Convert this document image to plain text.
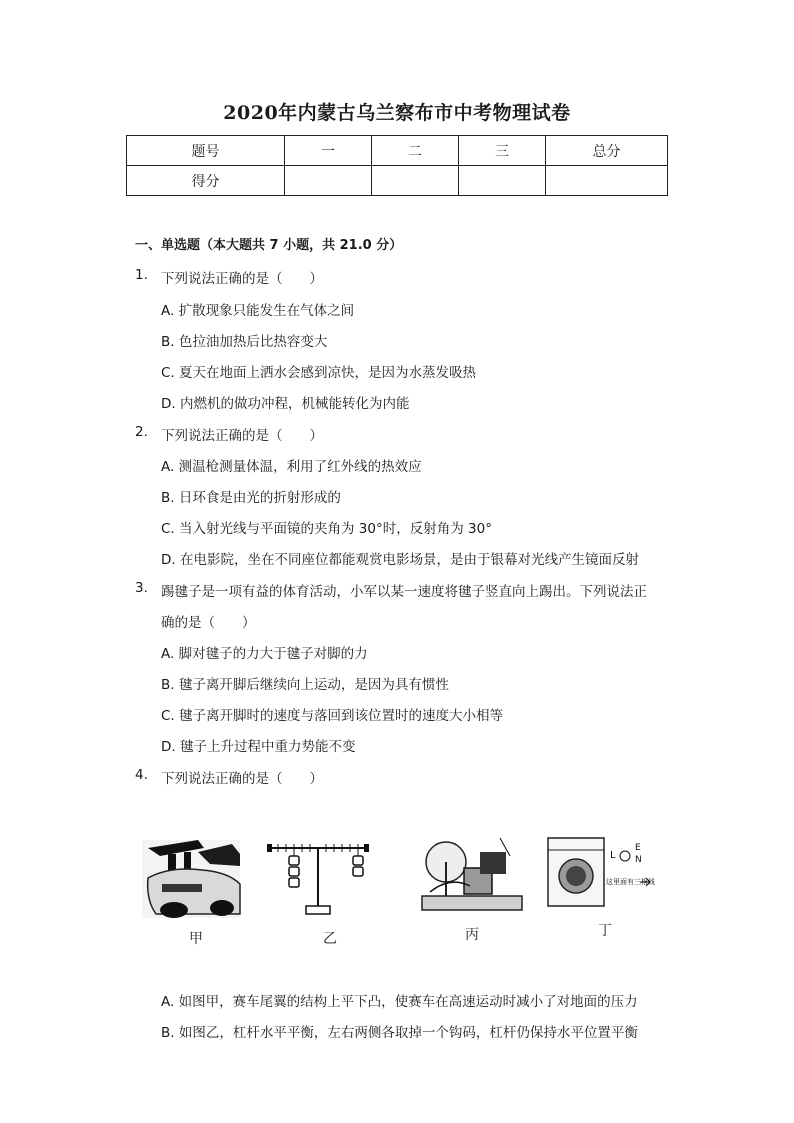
2020年内蒙古乌兰察布市中考物理试卷
题号	一	二	三	总分
得分				
一、单选题（本大题共 7 小题，共 21.0 分）
1. 下列说法正确的是（　　）
A. 扩散现象只能发生在气体之间
B. 色拉油加热后比热容变大
C. 夏天在地面上洒水会感到凉快，是因为水蒸发吸热
D. 内燃机的做功冲程，机械能转化为内能
2. 下列说法正确的是（　　）
A. 测温枪测量体温，利用了红外线的热效应
B. 日环食是由光的折射形成的
C. 当入射光线与平面镜的夹角为 30°时，反射角为 30°
D. 在电影院，坐在不同座位都能观赏电影场景，是由于银幕对光线产生镜面反射
3. 踢毽子是一项有益的体育活动，小军以某一速度将毽子竖直向上踢出。下列说法正
确的是（　　）
A. 脚对毽子的力大于毽子对脚的力
B. 毽子离开脚后继续向上运动，是因为具有惯性
C. 毽子离开脚时的速度与落回到该位置时的速度大小相等
D. 毽子上升过程中重力势能不变
4. 下列说法正确的是（　　）
L
E
N
这里面有三根线
甲	乙	丙	丁
A. 如图甲，赛车尾翼的结构上平下凸，使赛车在高速运动时减小了对地面的压力
B. 如图乙，杠杆水平平衡，左右两侧各取掉一个钩码，杠杆仍保持水平位置平衡
